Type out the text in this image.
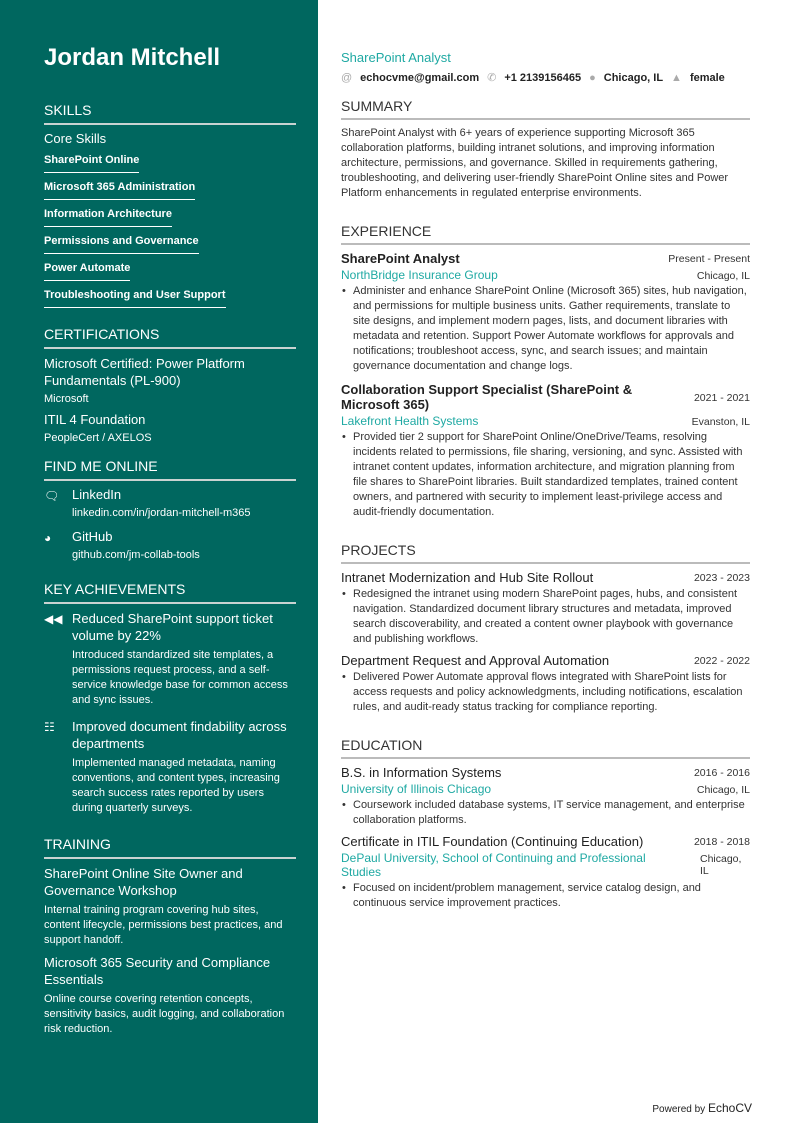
Jordan Mitchell
SKILLS
Core Skills
SharePoint Online
Microsoft 365 Administration
Information Architecture
Permissions and Governance
Power Automate
Troubleshooting and User Support
CERTIFICATIONS
Microsoft Certified: Power Platform Fundamentals (PL-900)
Microsoft
ITIL 4 Foundation
PeopleCert / AXELOS
FIND ME ONLINE
🗨︎ LinkedIn
linkedin.com/in/jordan-mitchell-m365
◕	GitHub
github.com/jm-collab-tools
KEY ACHIEVEMENTS
◀◀ Reduced SharePoint support ticket volume by 22%
Introduced standardized site templates, a permissions request process, and a self-service knowledge base for common access and sync issues.
☷	Improved document findability across departments
Implemented managed metadata, naming conventions, and content types, increasing search success rates reported by users during quarterly surveys.
TRAINING
SharePoint Online Site Owner and Governance Workshop
Internal training program covering hub sites, content lifecycle, permissions best practices, and support handoff.
Microsoft 365 Security and Compliance Essentials
Online course covering retention concepts, sensitivity basics, audit logging, and collaboration risk reduction.
SharePoint Analyst
@ echocvme@gmail.com ✆ +1 2139156465 ● Chicago, IL ▲ female
SUMMARY
SharePoint Analyst with 6+ years of experience supporting Microsoft 365 collaboration platforms, building intranet solutions, and improving information architecture, permissions, and governance. Skilled in requirements gathering, troubleshooting, and delivering user-friendly SharePoint Online sites and Power Platform enhancements in regulated enterprise environments.
EXPERIENCE
SharePoint Analyst	Present - Present
NorthBridge Insurance Group	Chicago, IL
• Administer and enhance SharePoint Online (Microsoft 365) sites, hub navigation, and permissions for multiple business units. Gather requirements, translate to site designs, and implement modern pages, lists, and document libraries with metadata and retention. Support Power Automate workflows for approvals and notifications; troubleshoot access, sync, and search issues; and maintain governance documentation and change logs.
Collaboration Support Specialist (SharePoint & Microsoft 365)	2021 - 2021
Lakefront Health Systems	Evanston, IL
• Provided tier 2 support for SharePoint Online/OneDrive/Teams, resolving incidents related to permissions, file sharing, versioning, and sync. Assisted with intranet content updates, information architecture, and migration planning from file shares to SharePoint libraries. Built standardized templates, trained content owners, and partnered with security to implement least-privilege access and audit-friendly documentation.
PROJECTS
Intranet Modernization and Hub Site Rollout	2023 - 2023
• Redesigned the intranet using modern SharePoint pages, hubs, and consistent navigation. Standardized document library structures and metadata, improved search discoverability, and created a content owner playbook with governance and publishing workflows.
Department Request and Approval Automation	2022 - 2022
• Delivered Power Automate approval flows integrated with SharePoint lists for access requests and policy acknowledgments, including notifications, escalation rules, and audit-ready status tracking for compliance reporting.
EDUCATION
B.S. in Information Systems	2016 - 2016
University of Illinois Chicago	Chicago, IL
• Coursework included database systems, IT service management, and enterprise collaboration platforms.
Certificate in ITIL Foundation (Continuing Education)	2018 - 2018
DePaul University, School of Continuing and Professional Studies
Chicago, IL
• Focused on incident/problem management, service catalog design, and continuous service improvement practices.
Powered by EchoCV
